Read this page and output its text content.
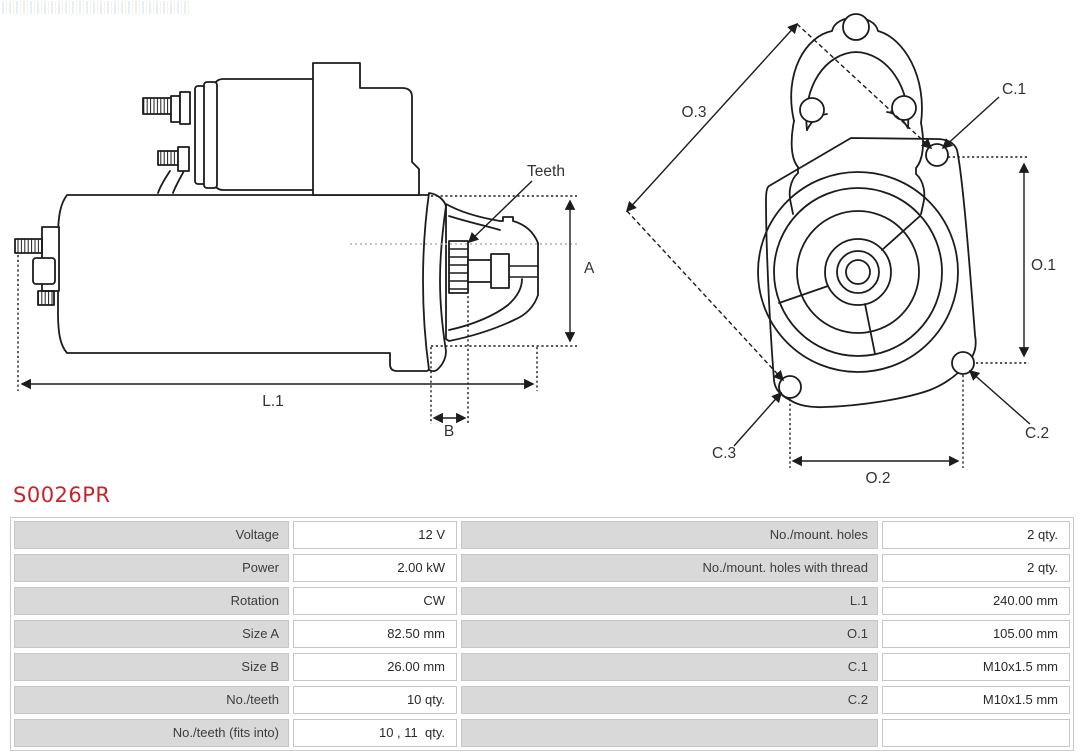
Teeth
A
L.1
B
O.3
O.1
O.2
C.1
C.2
C.3
S0026PR
Voltage	12 V	No./mount. holes	2 qty.
Power	2.00 kW	No./mount. holes with thread	2 qty.
Rotation	CW	L.1	240.00 mm
Size A	82.50 mm	O.1	105.00 mm
Size B	26.00 mm	C.1	M10x1.5 mm
No./teeth	10 qty.	C.2	M10x1.5 mm
No./teeth (fits into)	10 , 11  qty.
